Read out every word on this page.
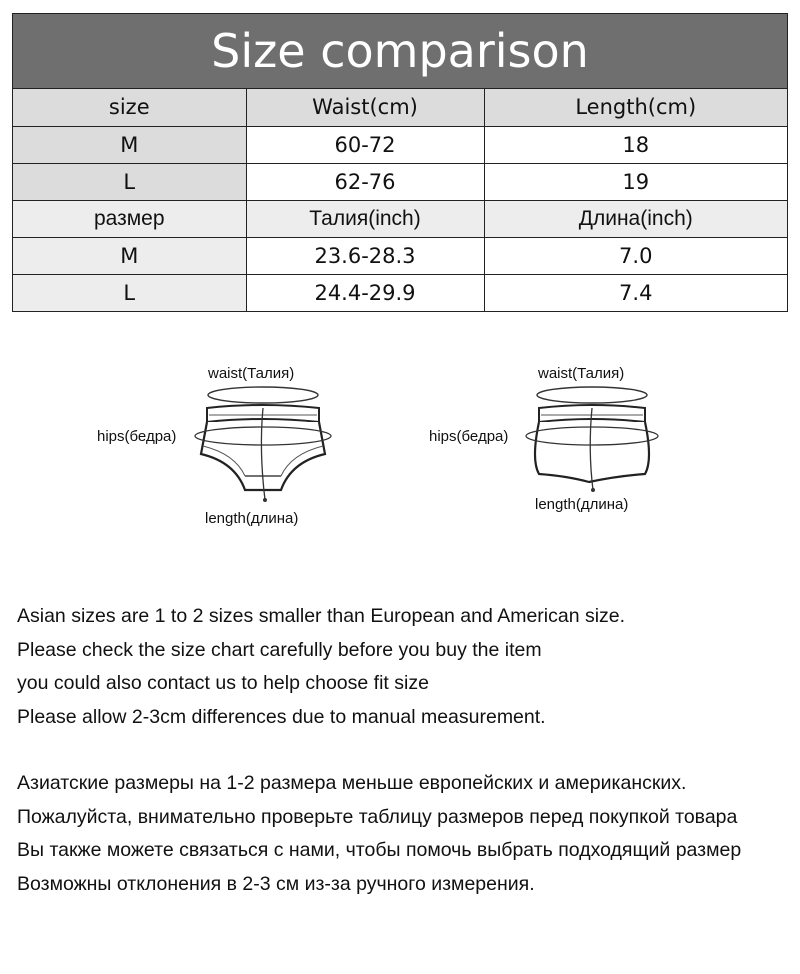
Size comparison
size	Waist(cm)	Length(cm)
M	60-72	18
L	62-76	19
размер	Талия(inch)	Длина(inch)
M	23.6-28.3	7.0
L	24.4-29.9	7.4
waist(Талия)
hips(бедра)
length(длина)
waist(Талия)
hips(бедра)
length(длина)

Asian sizes are 1 to 2 sizes smaller than European and American size.

Please check the size chart carefully before you buy the item

you could also contact us to help choose fit size

Please allow 2-3cm differences due to manual measurement.

Азиатские размеры на 1-2 размера меньше европейских и американских.

Пожалуйста, внимательно проверьте таблицу размеров перед покупкой товара

Вы также можете связаться с нами, чтобы помочь выбрать подходящий размер

Возможны отклонения в 2-3 см из-за ручного измерения.
